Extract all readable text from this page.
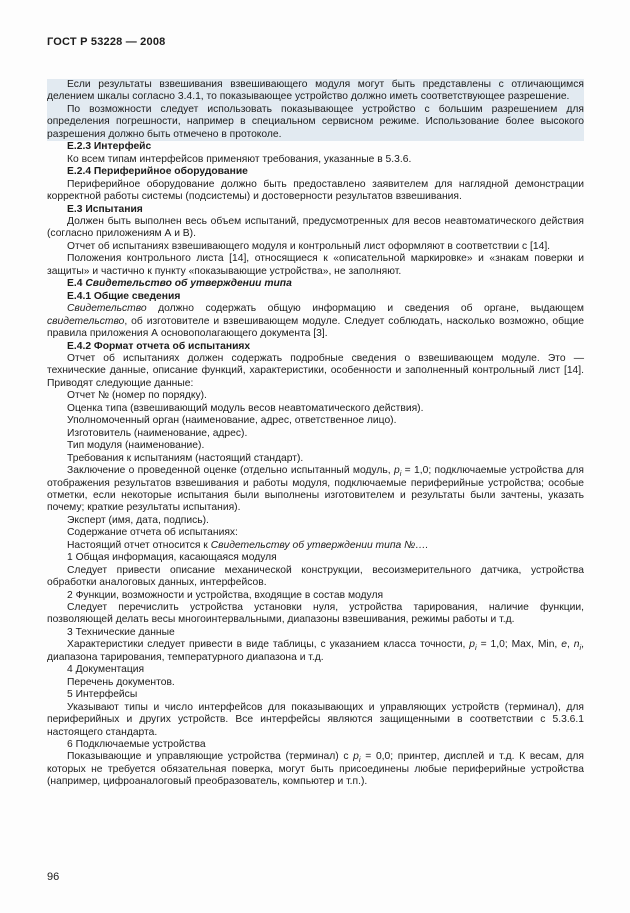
ГОСТ Р 53228 — 2008

Если результаты взвешивания взвешивающего модуля могут быть представлены с отличающимся делением шкалы согласно 3.4.1, то показывающее устройство должно иметь соответствующее разрешение.

По возможности следует использовать показывающее устройство с большим разрешением для определения погрешности, например в специальном сервисном режиме. Использование более высокого разрешения должно быть отмечено в протоколе.

Е.2.3 Интерфейс

Ко всем типам интерфейсов применяют требования, указанные в 5.3.6.

Е.2.4 Периферийное оборудование

Периферийное оборудование должно быть предоставлено заявителем для наглядной демонстрации корректной работы системы (подсистемы) и достоверности результатов взвешивания.

Е.3 Испытания

Должен быть выполнен весь объем испытаний, предусмотренных для весов неавтоматического действия (согласно приложениям А и В).

Отчет об испытаниях взвешивающего модуля и контрольный лист оформляют в соответствии с [14].

Положения контрольного листа [14], относящиеся к «описательной маркировке» и «знакам поверки и защиты» и частично к пункту «показывающие устройства», не заполняют.

Е.4 Свидетельство об утверждении типа

Е.4.1 Общие сведения

Свидетельство должно содержать общую информацию и сведения об органе, выдающем свидетельство, об изготовителе и взвешивающем модуле. Следует соблюдать, насколько возможно, общие правила приложения А основополагающего документа [3].

Е.4.2 Формат отчета об испытаниях

Отчет об испытаниях должен содержать подробные сведения о взвешивающем модуле. Это — технические данные, описание функций, характеристики, особенности и заполненный контрольный лист [14]. Приводят следующие данные:

Отчет № (номер по порядку).

Оценка типа (взвешивающий модуль весов неавтоматического действия).

Уполномоченный орган (наименование, адрес, ответственное лицо).

Изготовитель (наименование, адрес).

Тип модуля (наименование).

Требования к испытаниям (настоящий стандарт).

Заключение о проведенной оценке (отдельно испытанный модуль, $p_i = 1,0$; подключаемые устройства для отображения результатов взвешивания и работы модуля, подключаемые периферийные устройства; особые отметки, если некоторые испытания были выполнены изготовителем и результаты были зачтены, указать почему; краткие результаты испытания).

Эксперт (имя, дата, подпись).

Содержание отчета об испытаниях:

Настоящий отчет относится к Свидетельству об утверждении типа №….

1 Общая информация, касающаяся модуля

Следует привести описание механической конструкции, весоизмерительного датчика, устройства обработки аналоговых данных, интерфейсов.

2 Функции, возможности и устройства, входящие в состав модуля

Следует перечислить устройства установки нуля, устройства тарирования, наличие функции, позволяющей делать весы многоинтервальными, диапазоны взвешивания, режимы работы и т.д.

3 Технические данные

Характеристики следует привести в виде таблицы, с указанием класса точности, $p_i = 1,0$; Max, Min, e, $n_i$, диапазона тарирования, температурного диапазона и т.д.

4 Документация

Перечень документов.

5 Интерфейсы

Указывают типы и число интерфейсов для показывающих и управляющих устройств (терминал), для периферийных и других устройств. Все интерфейсы являются защищенными в соответствии с 5.3.6.1 настоящего стандарта.

6 Подключаемые устройства

Показывающие и управляющие устройства (терминал) с $p_i = 0,0$; принтер, дисплей и т.д. К весам, для которых не требуется обязательная поверка, могут быть присоединены любые периферийные устройства (например, цифроаналоговый преобразователь, компьютер и т.п.).

96
